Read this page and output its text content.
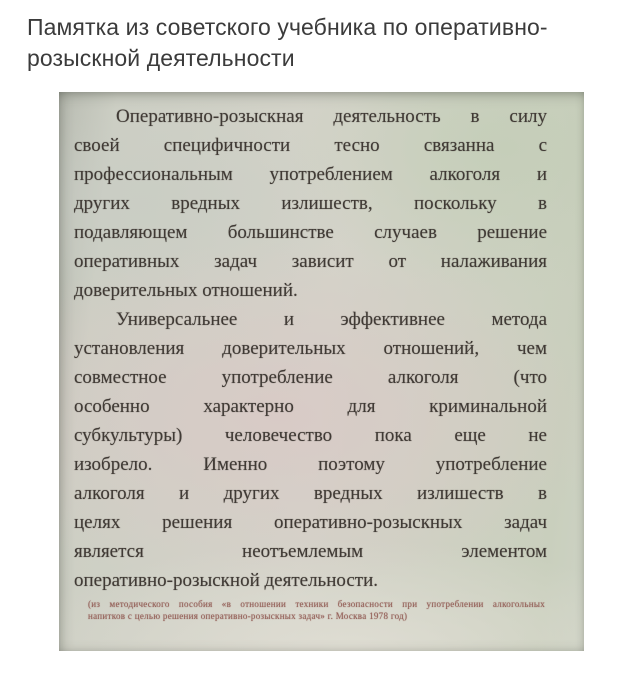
Памятка из советского учебника по оперативно-розыскной деятельности
Оперативно-розыскная деятельность в силу
своей специфичности тесно связанна с
профессиональным употреблением алкоголя и
других вредных излишеств, поскольку в
подавляющем большинстве случаев решение
оперативных задач зависит от налаживания
доверительных отношений.
Универсальнее и эффективнее метода
установления доверительных отношений, чем
совместное употребление алкоголя (что
особенно характерно для криминальной
субкультуры) человечество пока еще не
изобрело. Именно поэтому употребление
алкоголя и других вредных излишеств в
целях решения оперативно-розыскных задач
является неотъемлемым элементом
оперативно-розыскной деятельности.
(из методического пособия «в отношении техники безопасности при употреблении алкогольных
напитков с целью решения оперативно-розыскных задач» г. Москва 1978 год)
